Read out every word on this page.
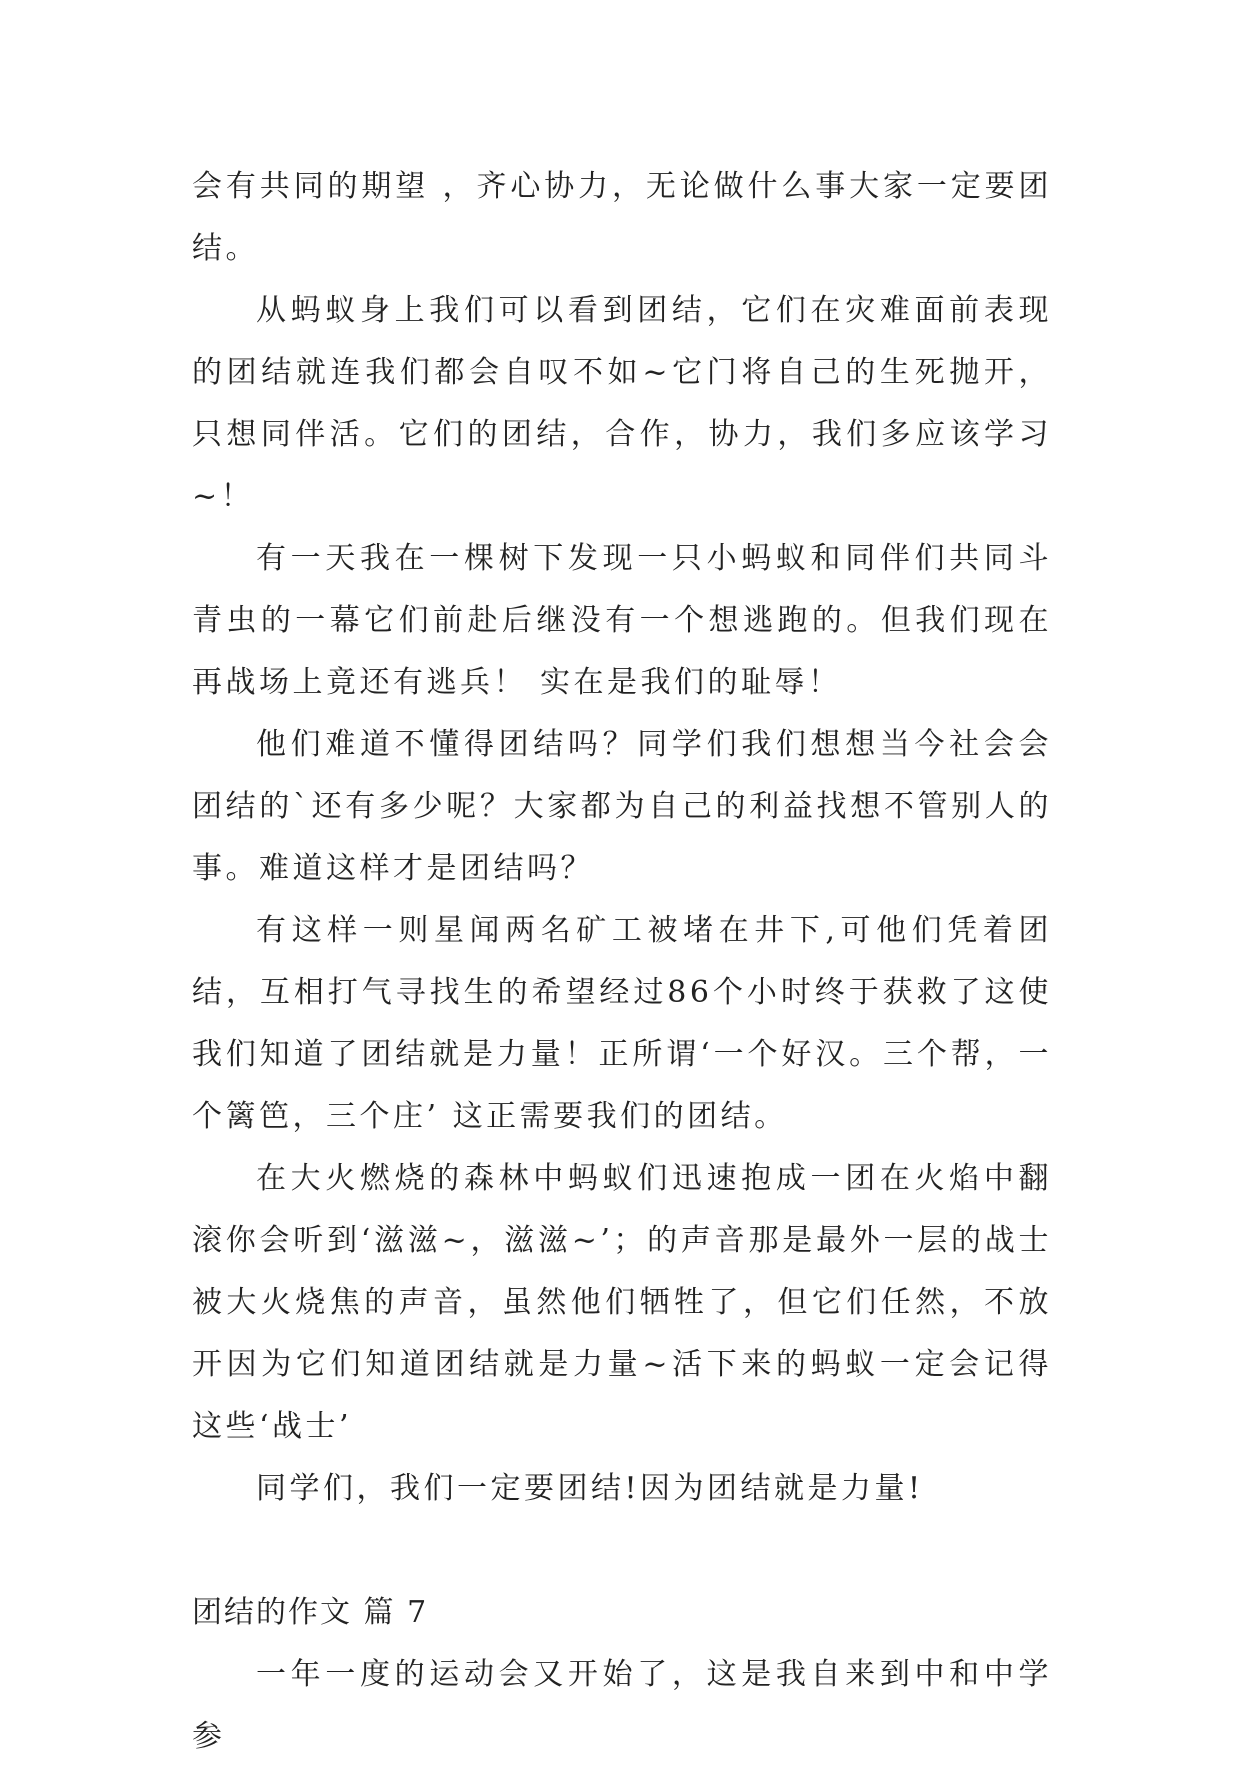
会有共同的期望 ，齐心协力，无论做什么事大家一定要团结。

从蚂蚁身上我们可以看到团结，它们在灾难面前表现的团结就连我们都会自叹不如~它门将自己的生死抛开，只想同伴活。它们的团结，合作，协力，我们多应该学习~！

有一天我在一棵树下发现一只小蚂蚁和同伴们共同斗青虫的一幕它们前赴后继没有一个想逃跑的。但我们现在再战场上竟还有逃兵！ 实在是我们的耻辱！

他们难道不懂得团结吗？同学们我们想想当今社会会团结的`还有多少呢？大家都为自己的利益找想不管别人的事。难道这样才是团结吗？

有这样一则星闻两名矿工被堵在井下,可他们凭着团结，互相打气寻找生的希望经过86个小时终于获救了这使我们知道了团结就是力量！正所谓‘一个好汉。三个帮，一个篱笆，三个庄’ 这正需要我们的团结。

在大火燃烧的森林中蚂蚁们迅速抱成一团在火焰中翻滚你会听到‘滋滋~，滋滋~’；的声音那是最外一层的战士被大火烧焦的声音，虽然他们牺牲了，但它们任然，不放开因为它们知道团结就是力量~活下来的蚂蚁一定会记得这些‘战士’

同学们，我们一定要团结!因为团结就是力量!

团结的作文 篇 7

一年一度的运动会又开始了，这是我自来到中和中学参
